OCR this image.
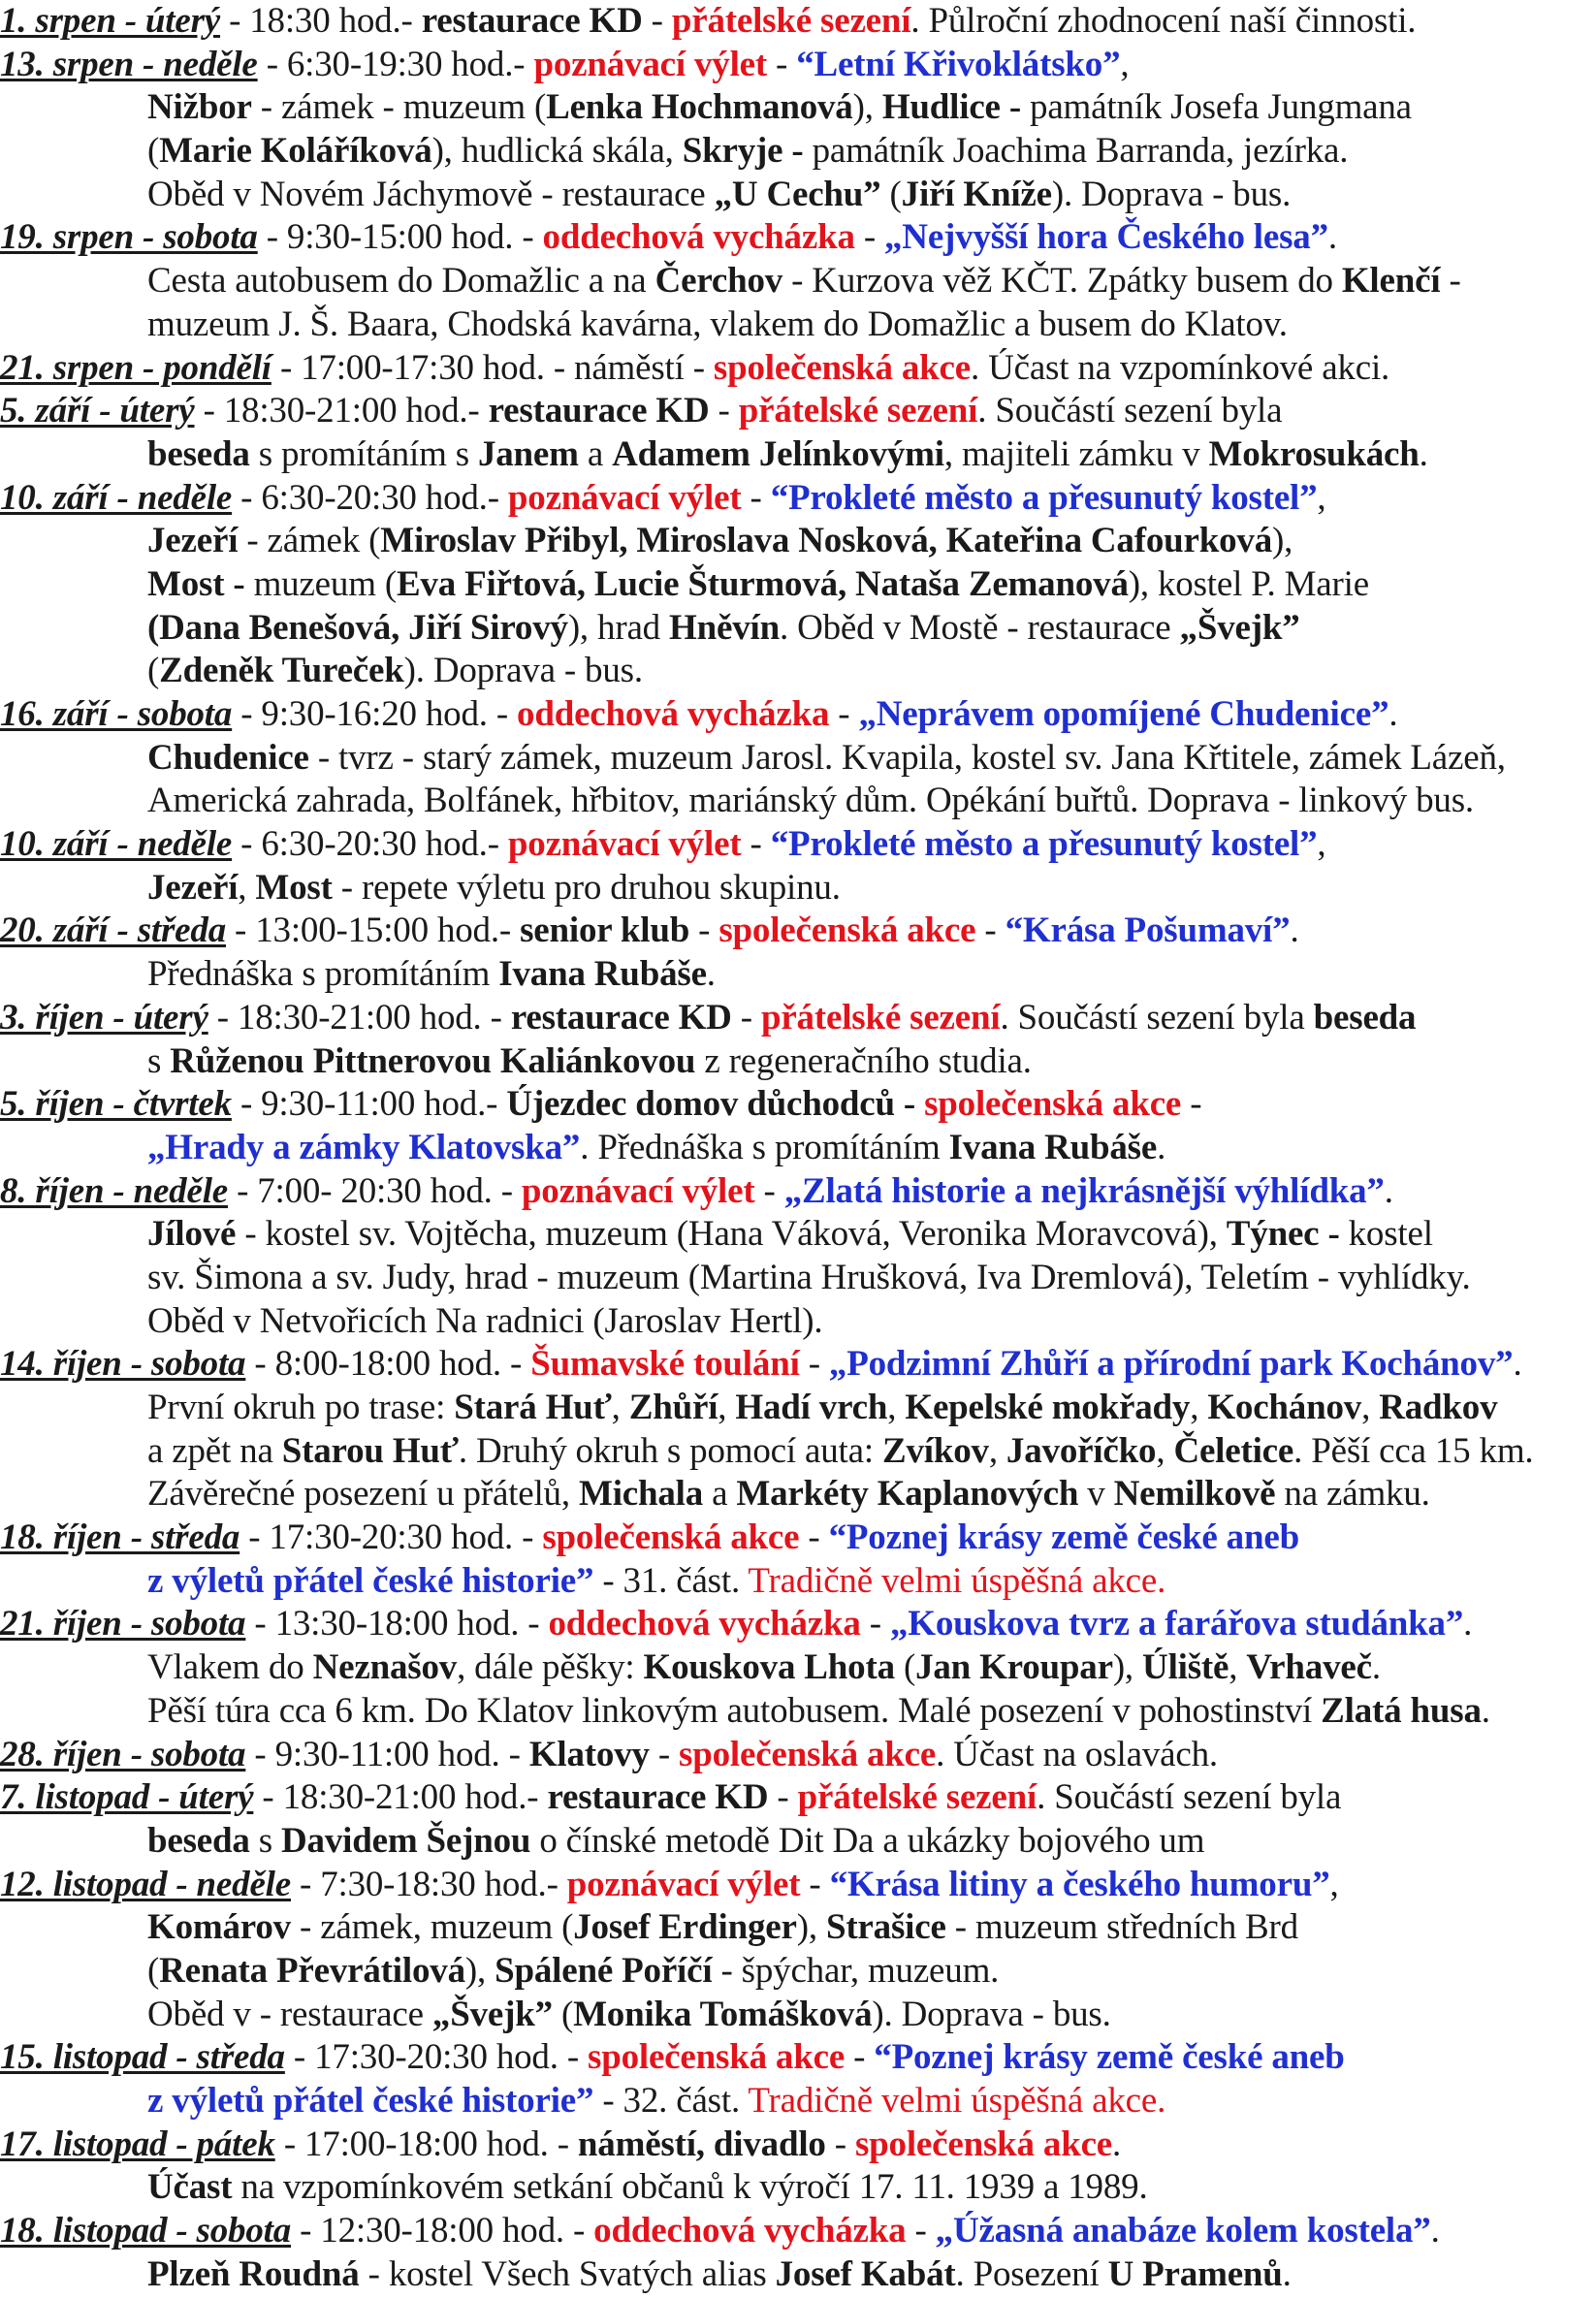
1. srpen - úterý - 18:30 hod.- restaurace KD - přátelské sezení. Půlroční zhodnocení naší činnosti.
13. srpen - neděle - 6:30-19:30 hod.- poznávací výlet - “Letní Křivoklátsko”,
Nižbor - zámek - muzeum (Lenka Hochmanová), Hudlice - památník Josefa Jungmana
(Marie Koláříková), hudlická skála, Skryje - památník Joachima Barranda, jezírka.
Oběd v Novém Jáchymově - restaurace „U Cechu” (Jiří Kníže). Doprava - bus.
19. srpen - sobota - 9:30-15:00 hod. - oddechová vycházka - „Nejvyšší hora Českého lesa”.
Cesta autobusem do Domažlic a na Čerchov - Kurzova věž KČT. Zpátky busem do Klenčí -
muzeum J. Š. Baara, Chodská kavárna, vlakem do Domažlic a busem do Klatov.
21. srpen - pondělí - 17:00-17:30 hod. - náměstí - společenská akce. Účast na vzpomínkové akci.
5. září - úterý - 18:30-21:00 hod.- restaurace KD - přátelské sezení. Součástí sezení byla
beseda s promítáním s Janem a Adamem Jelínkovými, majiteli zámku v Mokrosukách.
10. září - neděle - 6:30-20:30 hod.- poznávací výlet - “Prokleté město a přesunutý kostel”,
Jezeří - zámek (Miroslav Přibyl, Miroslava Nosková, Kateřina Cafourková),
Most - muzeum (Eva Fiřtová, Lucie Šturmová, Nataša Zemanová), kostel P. Marie
(Dana Benešová, Jiří Sirový), hrad Hněvín. Oběd v Mostě - restaurace „Švejk”
(Zdeněk Tureček). Doprava - bus.
16. září - sobota - 9:30-16:20 hod. - oddechová vycházka - „Neprávem opomíjené Chudenice”.
Chudenice - tvrz - starý zámek, muzeum Jarosl. Kvapila, kostel sv. Jana Křtitele, zámek Lázeň,
Americká zahrada, Bolfánek, hřbitov, mariánský dům. Opékání buřtů. Doprava - linkový bus.
10. září - neděle - 6:30-20:30 hod.- poznávací výlet - “Prokleté město a přesunutý kostel”,
Jezeří, Most - repete výletu pro druhou skupinu.
20. září - středa - 13:00-15:00 hod.- senior klub - společenská akce - “Krása Pošumaví”.
Přednáška s promítáním Ivana Rubáše.
3. říjen - úterý - 18:30-21:00 hod. - restaurace KD - přátelské sezení. Součástí sezení byla beseda
s Růženou Pittnerovou Kaliánkovou z regeneračního studia.
5. říjen - čtvrtek - 9:30-11:00 hod.- Újezdec domov důchodců - společenská akce -
„Hrady a zámky Klatovska”. Přednáška s promítáním Ivana Rubáše.
8. říjen - neděle - 7:00- 20:30 hod. - poznávací výlet - „Zlatá historie a nejkrásnější výhlídka”.
Jílové - kostel sv. Vojtěcha, muzeum (Hana Váková, Veronika Moravcová), Týnec - kostel
sv. Šimona a sv. Judy, hrad - muzeum (Martina Hrušková, Iva Dremlová), Teletím - vyhlídky.
Oběd v Netvořicích Na radnici (Jaroslav Hertl).
14. říjen - sobota - 8:00-18:00 hod. - Šumavské toulání - „Podzimní Zhůří a přírodní park Kochánov”.
První okruh po trase: Stará Huť, Zhůří, Hadí vrch, Kepelské mokřady, Kochánov, Radkov
a zpět na Starou Huť. Druhý okruh s pomocí auta: Zvíkov, Javoříčko, Čeletice. Pěší cca 15 km.
Závěrečné posezení u přátelů, Michala a Markéty Kaplanových v Nemilkově na zámku.
18. říjen - středa - 17:30-20:30 hod. - společenská akce - “Poznej krásy země české aneb
z výletů přátel české historie” - 31. část. Tradičně velmi úspěšná akce.
21. říjen - sobota - 13:30-18:00 hod. - oddechová vycházka - „Kouskova tvrz a farářova studánka”.
Vlakem do Neznašov, dále pěšky: Kouskova Lhota (Jan Kroupar), Úliště, Vrhaveč.
Pěší túra cca 6 km. Do Klatov linkovým autobusem. Malé posezení v pohostinství Zlatá husa.
28. říjen - sobota - 9:30-11:00 hod. - Klatovy - společenská akce. Účast na oslavách.
7. listopad - úterý - 18:30-21:00 hod.- restaurace KD - přátelské sezení. Součástí sezení byla
beseda s Davidem Šejnou o čínské metodě Dit Da a ukázky bojového um
12. listopad - neděle - 7:30-18:30 hod.- poznávací výlet - “Krása litiny a českého humoru”,
Komárov - zámek, muzeum (Josef Erdinger), Strašice - muzeum středních Brd
(Renata Převrátilová), Spálené Poříčí - špýchar, muzeum.
Oběd v - restaurace „Švejk” (Monika Tomášková). Doprava - bus.
15. listopad - středa - 17:30-20:30 hod. - společenská akce - “Poznej krásy země české aneb
z výletů přátel české historie” - 32. část. Tradičně velmi úspěšná akce.
17. listopad - pátek - 17:00-18:00 hod. - náměstí, divadlo - společenská akce.
Účast na vzpomínkovém setkání občanů k výročí 17. 11. 1939 a 1989.
18. listopad - sobota - 12:30-18:00 hod. - oddechová vycházka - „Úžasná anabáze kolem kostela”.
Plzeň Roudná - kostel Všech Svatých alias Josef Kabát. Posezení U Pramenů.
